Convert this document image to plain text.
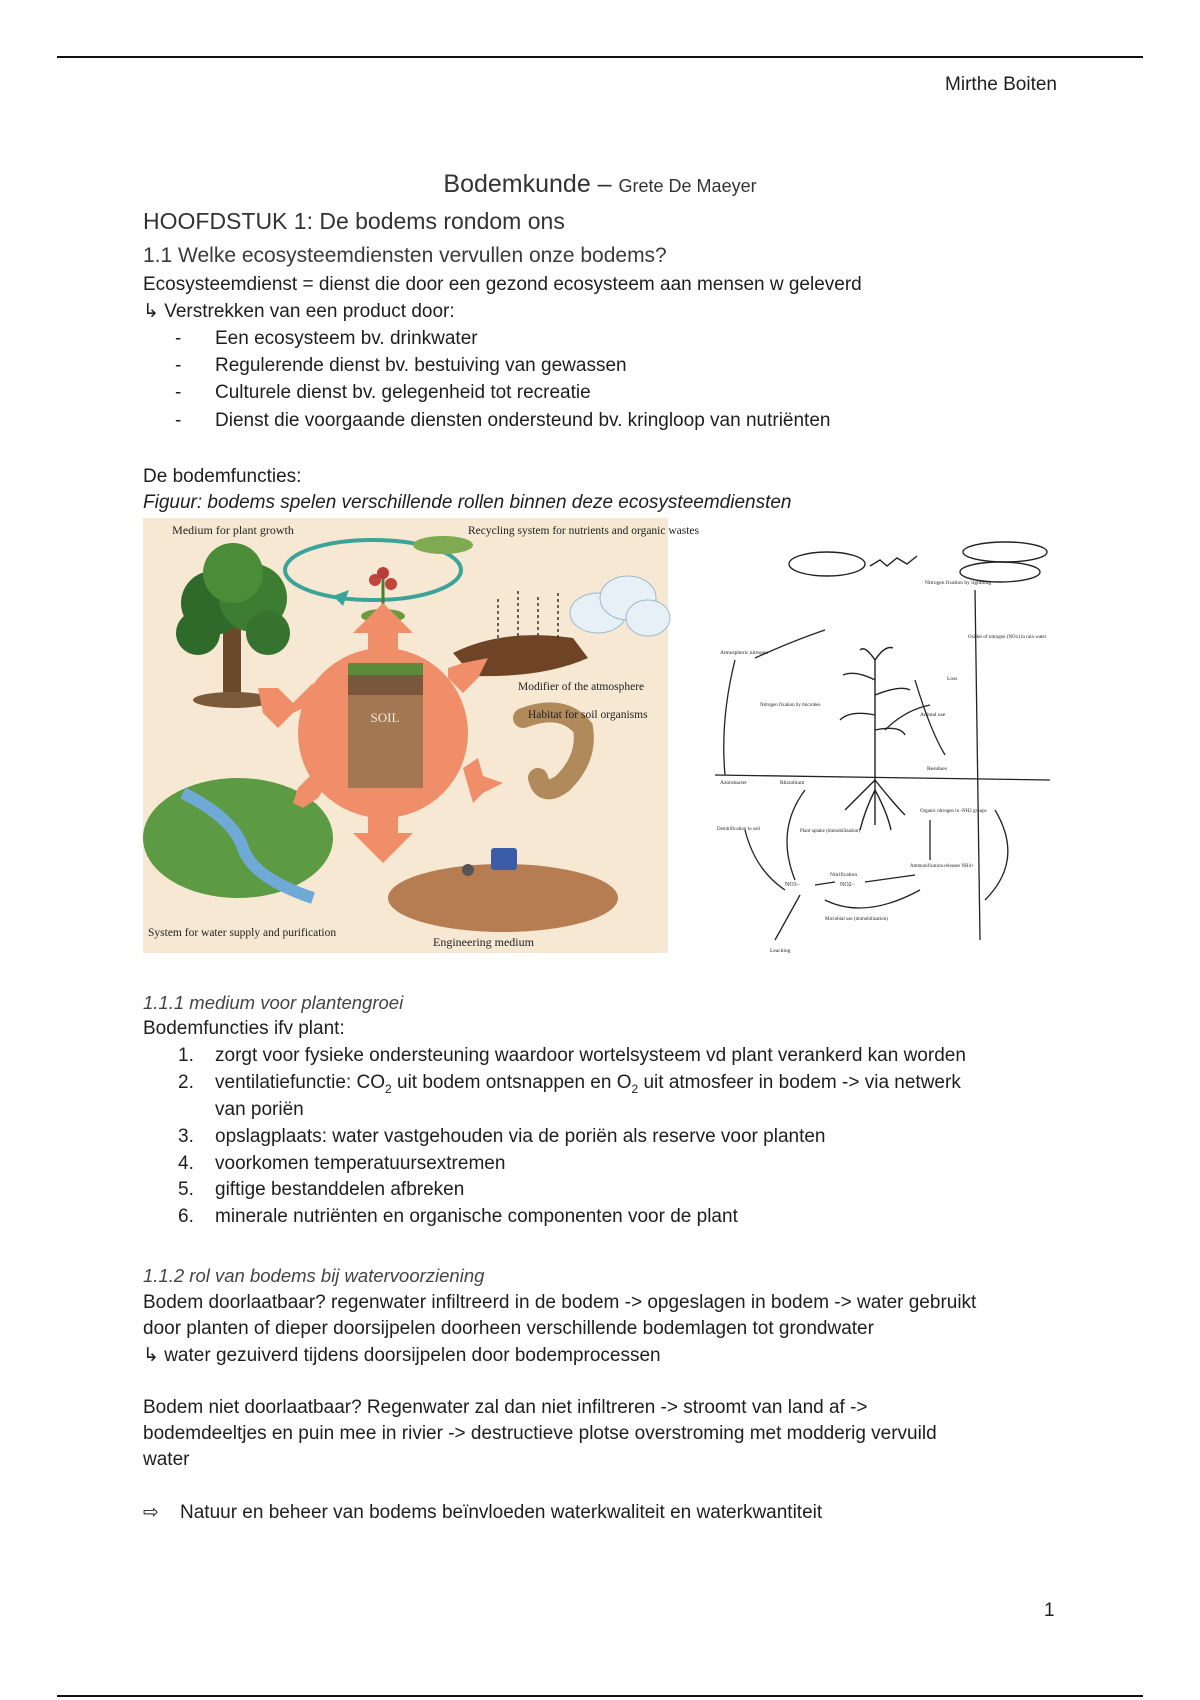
Mirthe Boiten
Bodemkunde – Grete De Maeyer
HOOFDSTUK 1: De bodems rondom ons
1.1 Welke ecosysteemdiensten vervullen onze bodems?
Ecosysteemdienst = dienst die door een gezond ecosysteem aan mensen w geleverd
↳ Verstrekken van een product door:
- Een ecosysteem bv. drinkwater
- Regulerende dienst bv. bestuiving van gewassen
- Culturele dienst bv. gelegenheid tot recreatie
- Dienst die voorgaande diensten ondersteund bv. kringloop van nutriënten
De bodemfuncties:
Figuur: bodems spelen verschillende rollen binnen deze ecosysteemdiensten
SOIL
Medium for plant growth	Recycling system for nutrients and organic wastes
Modifier of the atmosphere
Habitat for soil organisms
System for water supply and purification
Engineering medium
Nitrogen fixation by lightning
Oxides of nitrogen (NOx) in rain water
Atmospheric nitrogen
Nitrogen fixation by microbes
Loss
Animal use
Residues
Azotobacter	Rhizobium
Organic nitrogen in -NH2 groups
Plant uptake (immobilization)
Denitrification to soil
Ammonification releases NH4+
Nitrification
NO3−	NO2−
Microbial use (immobilization)
Leaching
1.1.1 medium voor plantengroei
Bodemfuncties ifv plant:
1. zorgt voor fysieke ondersteuning waardoor wortelsysteem vd plant verankerd kan worden
2. ventilatiefunctie: $CO_2$ uit bodem ontsnappen en $O_2$ uit atmosfeer in bodem -> via netwerk
van poriën
3. opslagplaats: water vastgehouden via de poriën als reserve voor planten
4. voorkomen temperatuursextremen
5. giftige bestanddelen afbreken
6. minerale nutriënten en organische componenten voor de plant
1.1.2 rol van bodems bij watervoorziening
Bodem doorlaatbaar? regenwater infiltreerd in de bodem -> opgeslagen in bodem -> water gebruikt
door planten of dieper doorsijpelen doorheen verschillende bodemlagen tot grondwater
↳ water gezuiverd tijdens doorsijpelen door bodemprocessen
Bodem niet doorlaatbaar? Regenwater zal dan niet infiltreren -> stroomt van land af ->
bodemdeeltjes en puin mee in rivier -> destructieve plotse overstroming met modderig vervuild
water
⇨ Natuur en beheer van bodems beïnvloeden waterkwaliteit en waterkwantiteit
1
